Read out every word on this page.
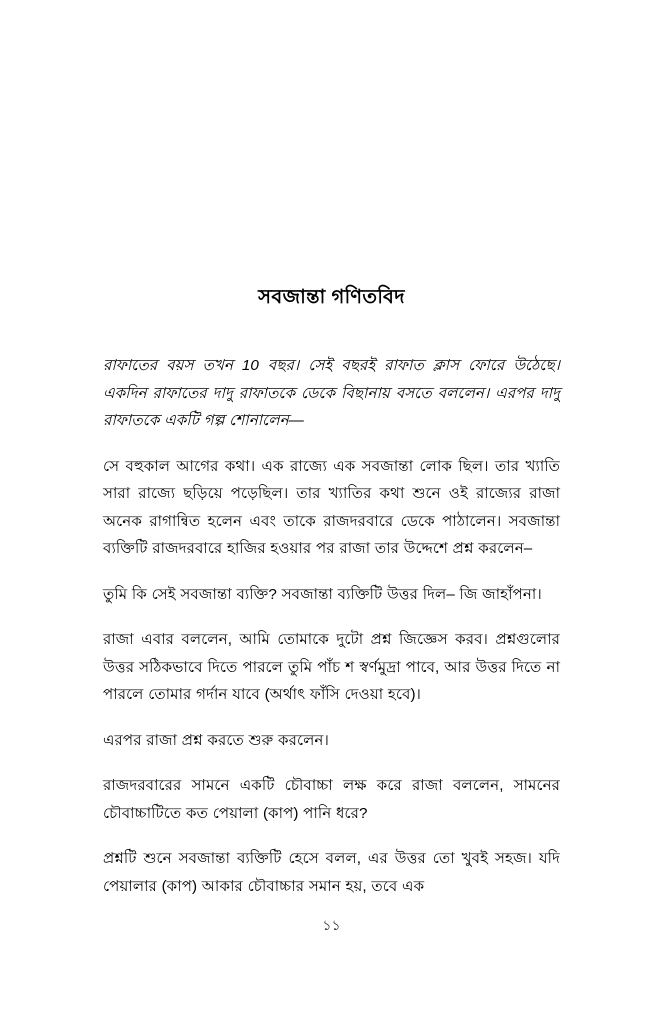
সবজান্তা গণিতবিদ

রাফাতের বয়স তখন 10 বছর। সেই বছরই রাফাত ক্লাস ফোরে উঠেছে। একদিন রাফাতের দাদু রাফাতকে ডেকে বিছানায় বসতে বললেন। এরপর দাদু রাফাতকে একটি গল্প শোনালেন—

সে বহুকাল আগের কথা। এক রাজ্যে এক সবজান্তা লোক ছিল। তার খ্যাতি সারা রাজ্যে ছড়িয়ে পড়েছিল। তার খ্যাতির কথা শুনে ওই রাজ্যের রাজা অনেক রাগান্বিত হলেন এবং তাকে রাজদরবারে ডেকে পাঠালেন। সবজান্তা ব্যক্তিটি রাজদরবারে হাজির হওয়ার পর রাজা তার উদ্দেশে প্রশ্ন করলেন–

তুমি কি সেই সবজান্তা ব্যক্তি? সবজান্তা ব্যক্তিটি উত্তর দিল– জি জাহাঁপনা।

রাজা এবার বললেন, আমি তোমাকে দুটো প্রশ্ন জিজ্ঞেস করব। প্রশ্নগুলোর উত্তর সঠিকভাবে দিতে পারলে তুমি পাঁচ শ স্বর্ণমুদ্রা পাবে, আর উত্তর দিতে না পারলে তোমার গর্দান যাবে (অর্থাৎ ফাঁসি দেওয়া হবে)।

এরপর রাজা প্রশ্ন করতে শুরু করলেন।

রাজদরবারের সামনে একটি চৌবাচ্চা লক্ষ করে রাজা বললেন, সামনের চৌবাচ্চাটিতে কত পেয়ালা (কাপ) পানি ধরে?

প্রশ্নটি শুনে সবজান্তা ব্যক্তিটি হেসে বলল, এর উত্তর তো খুবই সহজ। যদি পেয়ালার (কাপ) আকার চৌবাচ্চার সমান হয়, তবে এক

১১
